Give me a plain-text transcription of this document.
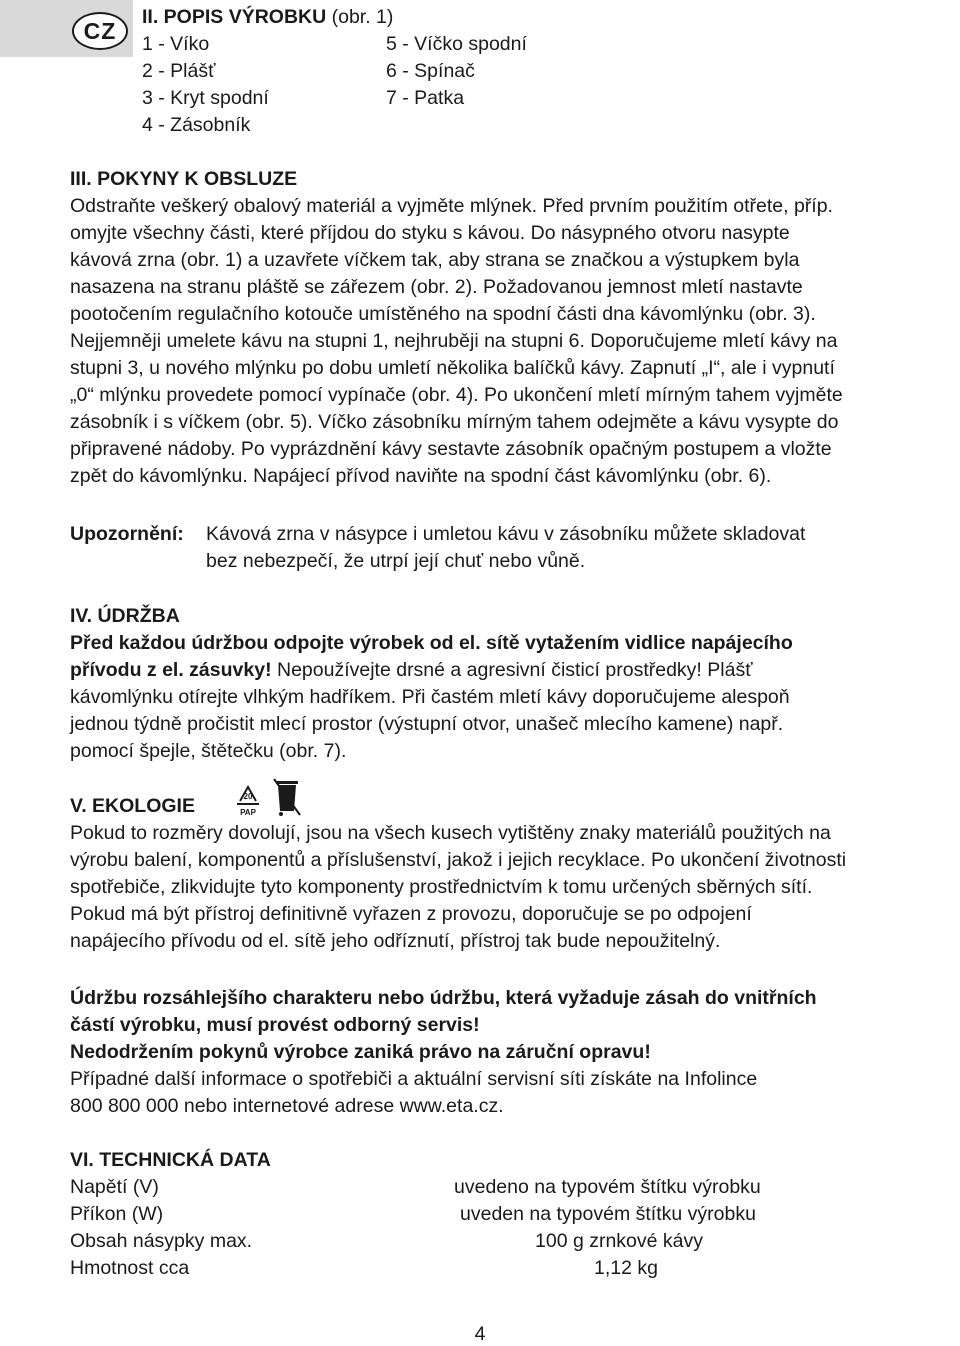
CZ
II. POPIS VÝROBKU (obr. 1)
1 - Víko
2 - Plášť
3 - Kryt spodní
4 - Zásobník
5 - Víčko spodní
6 - Spínač
7 - Patka
III. POKYNY K OBSLUZE
Odstraňte veškerý obalový materiál a vyjměte mlýnek. Před prvním použitím otřete, příp.
omyjte všechny části, které příjdou do styku s kávou. Do násypného otvoru nasypte
kávová zrna (obr. 1) a uzavřete víčkem tak, aby strana se značkou a výstupkem byla
nasazena na stranu pláště se zářezem (obr. 2). Požadovanou jemnost mletí nastavte
pootočením regulačního kotouče umístěného na spodní části dna kávomlýnku (obr. 3).
Nejjemněji umelete kávu na stupni 1, nejhruběji na stupni 6. Doporučujeme mletí kávy na
stupni 3, u nového mlýnku po dobu umletí několika balíčků kávy. Zapnutí „I“, ale i vypnutí
„0“ mlýnku provedete pomocí vypínače (obr. 4). Po ukončení mletí mírným tahem vyjměte
zásobník i s víčkem (obr. 5). Víčko zásobníku mírným tahem odejměte a kávu vysypte do
připravené nádoby. Po vyprázdnění kávy sestavte zásobník opačným postupem a vložte
zpět do kávomlýnku. Napájecí přívod naviňte na spodní část kávomlýnku (obr. 6).
Upozornění: Kávová zrna v násypce i umletou kávu v zásobníku můžete skladovat
bez nebezpečí, že utrpí její chuť nebo vůně.
IV. ÚDRŽBA
Před každou údržbou odpojte výrobek od el. sítě vytažením vidlice napájecího
přívodu z el. zásuvky! Nepoužívejte drsné a agresivní čisticí prostředky! Plášť
kávomlýnku otírejte vlhkým hadříkem. Při častém mletí kávy doporučujeme alespoň
jednou týdně pročistit mlecí prostor (výstupní otvor, unašeč mlecího kamene) např.
pomocí špejle, štětečku (obr. 7).
V. EKOLOGIE	20
PAP
Pokud to rozměry dovolují, jsou na všech kusech vytištěny znaky materiálů použitých na
výrobu balení, komponentů a příslušenství, jakož i jejich recyklace. Po ukončení životnosti
spotřebiče, zlikvidujte tyto komponenty prostřednictvím k tomu určených sběrných sítí.
Pokud má být přístroj definitivně vyřazen z provozu, doporučuje se po odpojení
napájecího přívodu od el. sítě jeho odříznutí, přístroj tak bude nepoužitelný.
Údržbu rozsáhlejšího charakteru nebo údržbu, která vyžaduje zásah do vnitřních
částí výrobku, musí provést odborný servis!
Nedodržením pokynů výrobce zaniká právo na záruční opravu!
Případné další informace o spotřebiči a aktuální servisní síti získáte na Infolince
800 800 000 nebo internetové adrese www.eta.cz.
VI. TECHNICKÁ DATA
Napětí (V)	uvedeno na typovém štítku výrobku
Příkon (W)	uveden na typovém štítku výrobku
Obsah násypky max.	100 g zrnkové kávy
Hmotnost cca	1,12 kg
4
